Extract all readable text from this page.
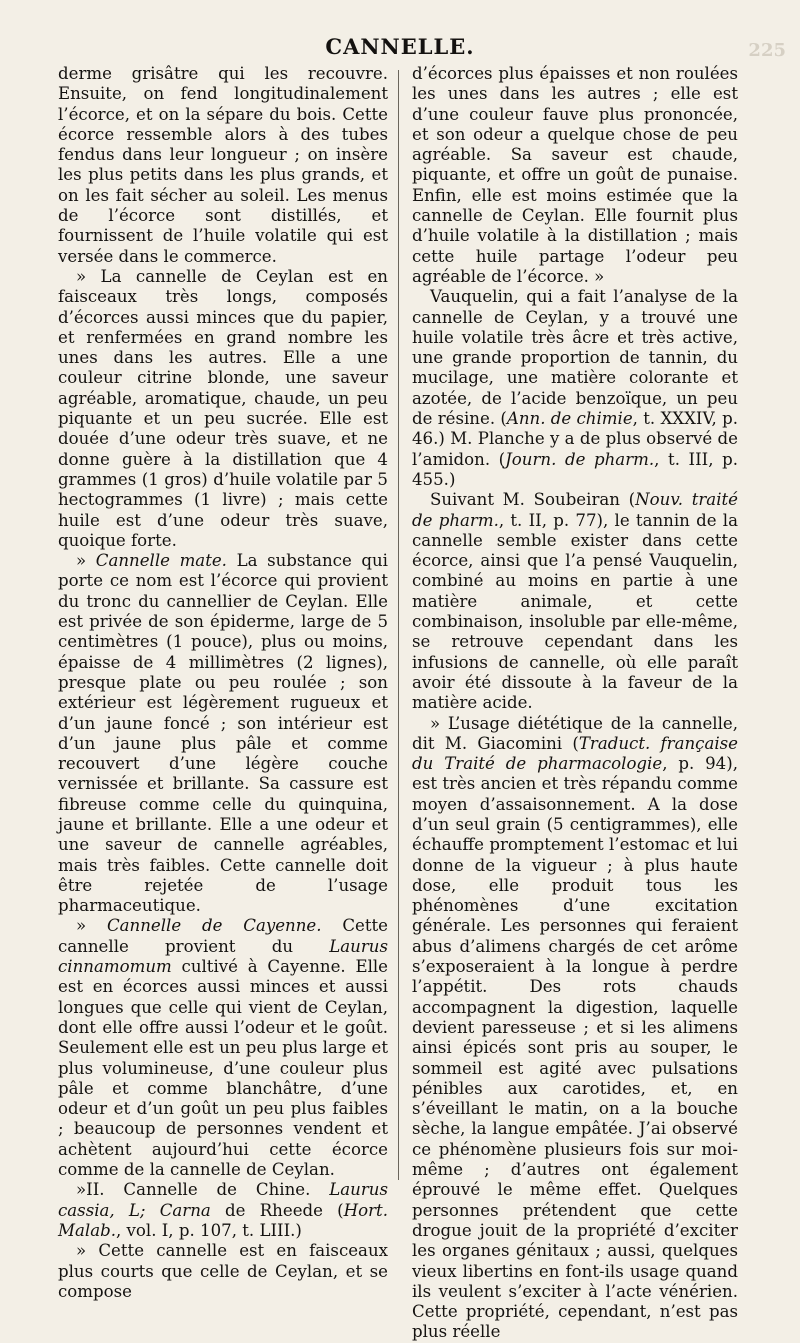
CANNELLE.	225

derme grisâtre qui les recouvre. Ensuite, on fend longitudinalement l’écorce, et on la sépare du bois. Cette écorce ressemble alors à des tubes fendus dans leur longueur ; on insère les plus petits dans les plus grands, et on les fait sécher au soleil. Les menus de l’écorce sont distillés, et fournissent de l’huile volatile qui est versée dans le commerce.

» La cannelle de Ceylan est en faisceaux très longs, composés d’écorces aussi minces que du papier, et renfermées en grand nombre les unes dans les autres. Elle a une couleur citrine blonde, une saveur agréable, aromatique, chaude, un peu piquante et un peu sucrée. Elle est douée d’une odeur très suave, et ne donne guère à la distillation que 4 grammes (1 gros) d’huile volatile par 5 hectogrammes (1 livre) ; mais cette huile est d’une odeur très suave, quoique forte.

» Cannelle mate. La substance qui porte ce nom est l’écorce qui provient du tronc du cannellier de Ceylan. Elle est privée de son épiderme, large de 5 centimètres (1 pouce), plus ou moins, épaisse de 4 millimètres (2 lignes), presque plate ou peu roulée ; son extérieur est légèrement rugueux et d’un jaune foncé ; son intérieur est d’un jaune plus pâle et comme recouvert d’une légère couche vernissée et brillante. Sa cassure est fibreuse comme celle du quinquina, jaune et brillante. Elle a une odeur et une saveur de cannelle agréables, mais très faibles. Cette cannelle doit être rejetée de l’usage pharmaceutique.

» Cannelle de Cayenne. Cette cannelle provient du Laurus cinnamomum cultivé à Cayenne. Elle est en écorces aussi minces et aussi longues que celle qui vient de Ceylan, dont elle offre aussi l’odeur et le goût. Seulement elle est un peu plus large et plus volumineuse, d’une couleur plus pâle et comme blanchâtre, d’une odeur et d’un goût un peu plus faibles ; beaucoup de personnes vendent et achètent aujourd’hui cette écorce comme de la cannelle de Ceylan.

»II. Cannelle de Chine. Laurus cassia, L; Carna de Rheede (Hort. Malab., vol. I, p. 107, t. LIII.)

» Cette cannelle est en faisceaux plus courts que celle de Ceylan, et se compose

d’écorces plus épaisses et non roulées les unes dans les autres ; elle est d’une couleur fauve plus prononcée, et son odeur a quelque chose de peu agréable. Sa saveur est chaude, piquante, et offre un goût de punaise. Enfin, elle est moins estimée que la cannelle de Ceylan. Elle fournit plus d’huile volatile à la distillation ; mais cette huile partage l’odeur peu agréable de l’écorce. »

Vauquelin, qui a fait l’analyse de la cannelle de Ceylan, y a trouvé une huile volatile très âcre et très active, une grande proportion de tannin, du mucilage, une matière colorante et azotée, de l’acide benzoïque, un peu de résine. (Ann. de chimie, t. XXXIV, p. 46.) M. Planche y a de plus observé de l’amidon. (Journ. de pharm., t. III, p. 455.)

Suivant M. Soubeiran (Nouv. traité de pharm., t. II, p. 77), le tannin de la cannelle semble exister dans cette écorce, ainsi que l’a pensé Vauquelin, combiné au moins en partie à une matière animale, et cette combinaison, insoluble par elle-même, se retrouve cependant dans les infusions de cannelle, où elle paraît avoir été dissoute à la faveur de la matière acide.

» L’usage diététique de la cannelle, dit M. Giacomini (Traduct. française du Traité de pharmacologie, p. 94), est très ancien et très répandu comme moyen d’assaisonnement. A la dose d’un seul grain (5 centigrammes), elle échauffe promptement l’estomac et lui donne de la vigueur ; à plus haute dose, elle produit tous les phénomènes d’une excitation générale. Les personnes qui feraient abus d’alimens chargés de cet arôme s’exposeraient à la longue à perdre l’appétit. Des rots chauds accompagnent la digestion, laquelle devient paresseuse ; et si les alimens ainsi épicés sont pris au souper, le sommeil est agité avec pulsations pénibles aux carotides, et, en s’éveillant le matin, on a la bouche sèche, la langue empâtée. J’ai observé ce phénomène plusieurs fois sur moi-même ; d’autres ont également éprouvé le même effet. Quelques personnes prétendent que cette drogue jouit de la propriété d’exciter les organes génitaux ; aussi, quelques vieux libertins en font-ils usage quand ils veulent s’exciter à l’acte vénérien. Cette propriété, cependant, n’est pas plus réelle
